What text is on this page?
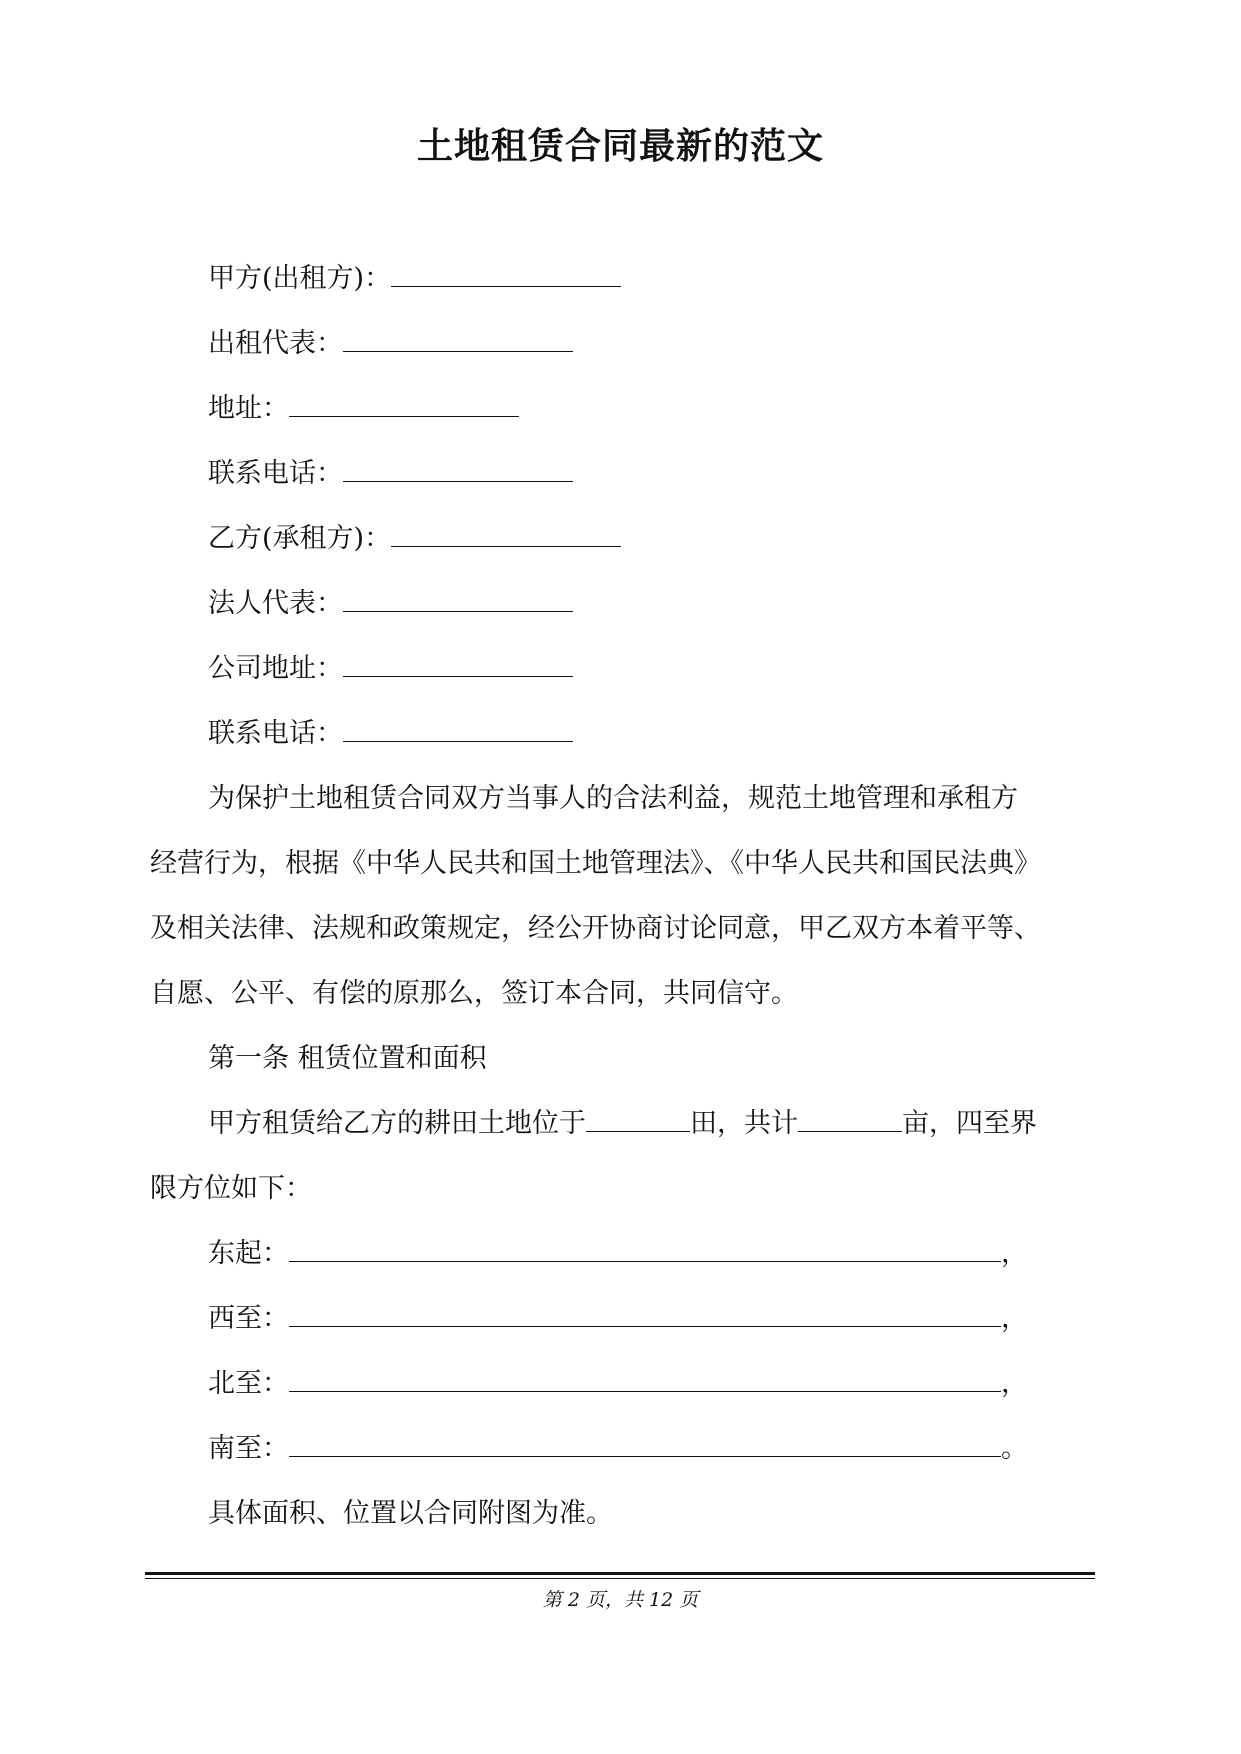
土地租赁合同最新的范文
甲方(出租方)：
出租代表：
地址：
联系电话：
乙方(承租方)：
法人代表：
公司地址：
联系电话：
为保护土地租赁合同双方当事人的合法利益，规范土地管理和承租方
经营行为，根据《中华人民共和国土地管理法》、《中华人民共和国民法典》
及相关法律、法规和政策规定，经公开协商讨论同意，甲乙双方本着平等、
自愿、公平、有偿的原那么，签订本合同，共同信守。
第一条 租赁位置和面积
甲方租赁给乙方的耕田土地位于	田，共计	亩，四至界
限方位如下：
东起：	，
西至：	，
北至：	，
南至：	。
具体面积、位置以合同附图为准。
第 2 页，共 12 页
